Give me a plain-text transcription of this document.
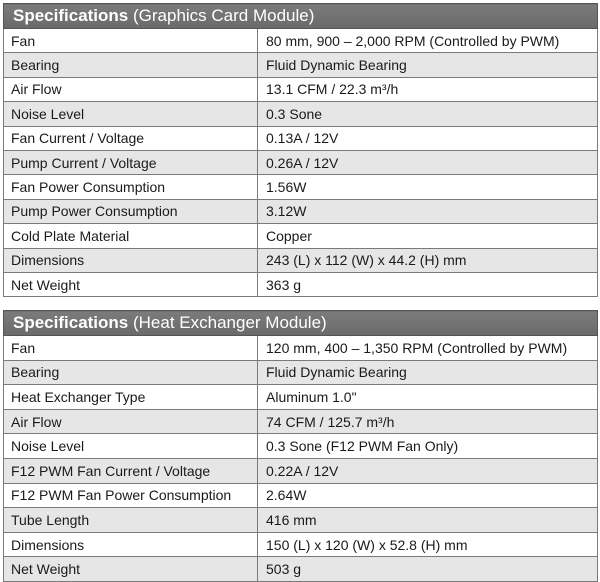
Specifications (Graphics Card Module)	
Fan	80 mm, 900 – 2,000 RPM (Controlled by PWM)
Bearing	Fluid Dynamic Bearing
Air Flow	13.1 CFM / 22.3 m³/h
Noise Level	0.3 Sone
Fan Current / Voltage	0.13A / 12V
Pump Current / Voltage	0.26A / 12V
Fan Power Consumption	1.56W
Pump Power Consumption	3.12W
Cold Plate Material	Copper
Dimensions	243 (L) x 112 (W) x 44.2 (H) mm
Net Weight	363 g
Specifications (Heat Exchanger Module)	
Fan	120 mm, 400 – 1,350 RPM (Controlled by PWM)
Bearing	Fluid Dynamic Bearing
Heat Exchanger Type	Aluminum 1.0"
Air Flow	74 CFM / 125.7 m³/h
Noise Level	0.3 Sone (F12 PWM Fan Only)
F12 PWM Fan Current / Voltage	0.22A / 12V
F12 PWM Fan Power Consumption	2.64W
Tube Length	416 mm
Dimensions	150 (L) x 120 (W) x 52.8 (H) mm
Net Weight	503 g
